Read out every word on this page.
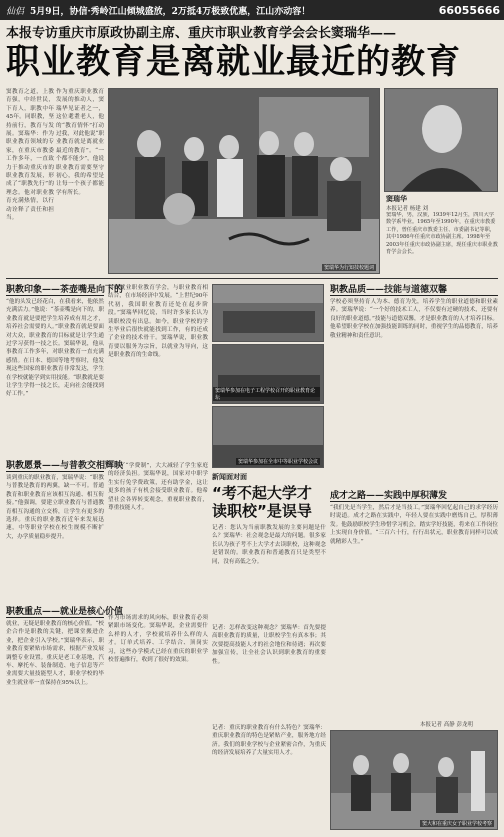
仙侣 5月9日，协信·秀岭江山倾城盛放，2万抵4万极致优惠，江山亦动容！	66055666
本报专访重庆市原政协副主席、重庆市职业教育学会会长窦瑞华——
职业教育是离就业最近的教育
窦教育之道，上教育强，中经世民，下育人，职教中年45年。同职教，坚持前行，教育与发展。窦瑞华：作为职业教育领域的专家，在重庆市教委工作多年，一直致力于推动重庆市的职业教育发展，形成了“职教先行”的理念。他对职业教育充满热情，以行动诠释了责任和担当。
作为重庆职业教育发展的推动人，窦瑞华见证者之一，这位耄耋老人，他的“教育情怀”打动过我，对此他说“职业教育就是离就业最近的教育”。“一个都不能少”，他说职业教育需要坚守初心，我的希望是让每一个孩子都能学有所长。
窦瑞华为行知技校题词
窦瑞华
本报记者 杨建 刘
窦瑞华，男，汉族，1939年12月生，四川大学数学系毕业。1965年至1990年，在重庆市教委工作，曾任重庆市教委主任、市委副书记等职，其中1986年任重庆市政协副主席。1998年至2003年任重庆市政协副主席，现任重庆市职业教育学会会长。
职教印象——茶壶嘴是向下的
“他的头发已经花白，在我看来，他依然充满活力。”他说：“茶壶嘴是向下的，职业教育就是要把学生培养成有用之才，培养社会需要的人。”职业教育就是要面对大众，职业教育的目标就是让学生通过学习获得一技之长。窦瑞华说，他从事教育工作多年，对职业教育一直充满感情。在日本、德国等地考察时，他发现这些国家的职业教育非常发达，学生在学校就能学到实用技能。“职教就是要让学生学得一技之长，走向社会能找到好工作。”
职教愿景——与普教交相辉映
谈到重庆的职业教育，窦瑞华说：“职教与普教是教育的两翼，缺一不可。普通教育和职业教育应该相互沟通、相互衔接。”他强调，要建立职业教育与普通教育相互沟通的立交桥，让学生有更多的选择。重庆的职业教育近年来发展迅速，中等职业学校在校生规模不断扩大，办学质量稳步提升。
职教重点——就业是核心价值
就业，无疑是职业教育的核心价值。“校企合作是职教的关键，把课堂搬进企业，把企业引入学校。”窦瑞华表示，职业教育要紧贴市场需求，根据产业发展调整专业设置。重庆是老工业基地，汽车、摩托车、装备制造、电子信息等产业需要大量技能型人才，职业学校的毕业生就业率一直保持在95%以上。
科研就业职业教育学会，与职业教育相结合，在市场经济中发展。“上世纪90年代初，我国职业教育还处在起步阶段。”窦瑞华回忆说，当时许多家长认为读职校没有出息。如今，职业学校的学生毕业后很快就能找到工作，有的还成了企业的技术骨干。窦瑞华说，职业教育要以服务为宗旨，以就业为导向，这是职业教育的生命线。
实行了“学费制”，大大减轻了学生家庭的经济负担。窦瑞华说，国家对中职学生实行免学费政策，还有助学金，这让更多的孩子有机会接受职业教育。他希望社会各界转变观念，重视职业教育，尊重技能人才。
作为市场需求的风向标，职业教育必须紧跟市场变化。窦瑞华说，企业需要什么样的人才，学校就培养什么样的人才。订单式培养、工学结合、顶岗实习，这些办学模式已经在重庆的职业学校普遍推行，收到了很好的效果。
窦瑞华参加在电子工程学校召开的职业教育论坛
窦瑞华参加在全市中等职业学校会议
新闻面对面
“考不起大学才读职校”是误导
记者：您认为当前职教发展的主要问题是什么？窦瑞华：社会观念是最大的问题。很多家长认为孩子考不上大学才去读职校，这种观念是错误的。职业教育和普通教育只是类型不同，没有高低之分。
记者：怎样改变这种观念？窦瑞华：首先要提高职业教育的质量，让职校学生有真本事；其次要提高技能人才的社会地位和待遇；再次要加强宣传，让全社会认识到职业教育的重要性。
记者：重庆的职业教育有什么特色？窦瑞华：重庆职业教育的特色是紧贴产业，服务地方经济。我们的职业学校与企业紧密合作，为重庆的经济发展培养了大量实用人才。
职教品质——技能与道德双馨
学校必须坚持育人为本、德育为先，培养学生的职业道德和职业素养。窦瑞华说：“一个好的技术工人，不仅要有过硬的技术，还要有良好的职业道德。”技能与道德双馨，才是职业教育的人才培养目标。他希望职业学校在加强技能训练的同时，重视学生的品德教育，培养敬业精神和责任意识。
成才之路——实践中厚积薄发
“我们先是当学生，然后才是当技工。”窦瑞华回忆起自己的求学经历时说道。成才之路在实践中，年轻人要在实践中磨炼自己，厚积薄发。他鼓励职校学生珍惜学习机会，踏实学好技能，将来在工作岗位上实现自身价值。“三百六十行，行行出状元，职业教育同样可以成就精彩人生。”
本报记者 高静 彭龙明
窦大和在重庆女子职业学校考察
